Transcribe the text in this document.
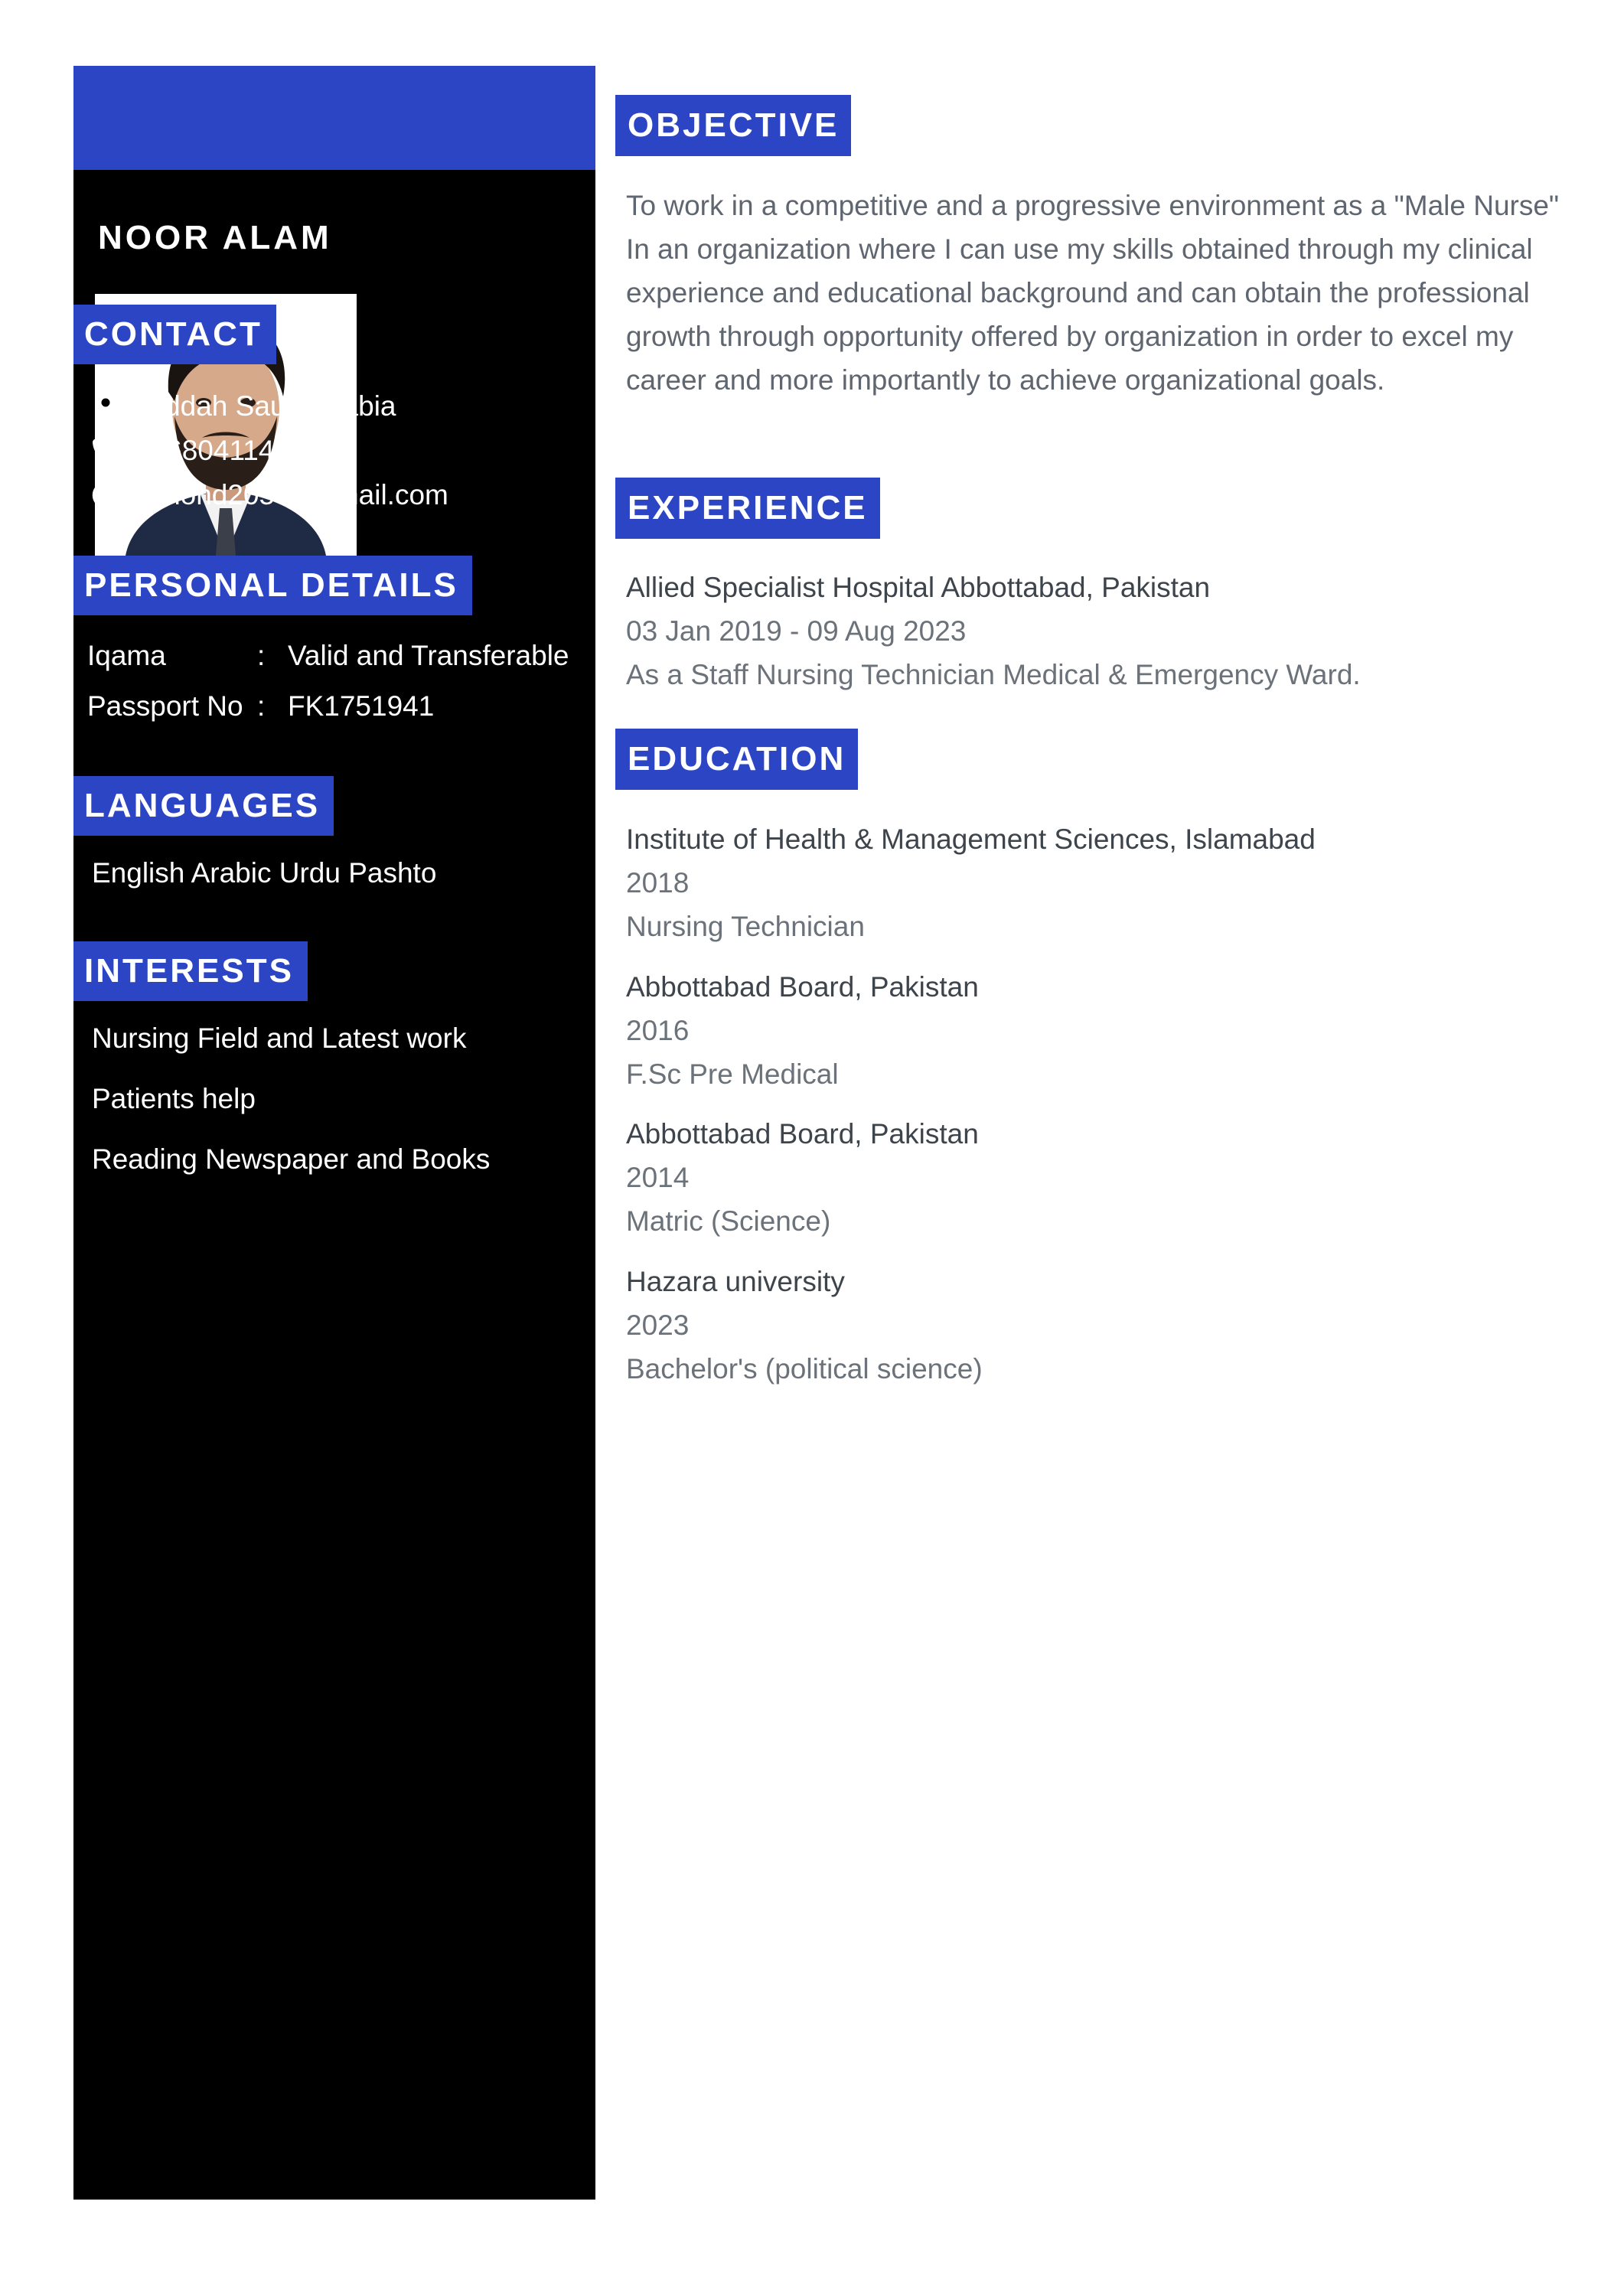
NOOR ALAM
CONTACT
Jeddah Saudi Arabia
0568041145
akhond2050@gmail.com
PERSONAL DETAILS
Iqama	: Valid and Transferable
Passport No : FK1751941
LANGUAGES
English Arabic Urdu Pashto
INTERESTS
Nursing Field and Latest work
Patients help
Reading Newspaper and Books
OBJECTIVE

To work in a competitive and a progressive environment as a "Male Nurse" In an organization where I can use my skills obtained through my clinical experience and educational background and can obtain the professional growth through opportunity offered by organization in order to excel my career and more importantly to achieve organizational goals.

EXPERIENCE
Allied Specialist Hospital Abbottabad, Pakistan
03 Jan 2019 - 09 Aug 2023
As a Staff Nursing Technician Medical & Emergency Ward.
EDUCATION
Institute of Health & Management Sciences, Islamabad
2018
Nursing Technician
Abbottabad Board, Pakistan
2016
F.Sc Pre Medical
Abbottabad Board, Pakistan
2014
Matric (Science)
Hazara university
2023
Bachelor's (political science)
